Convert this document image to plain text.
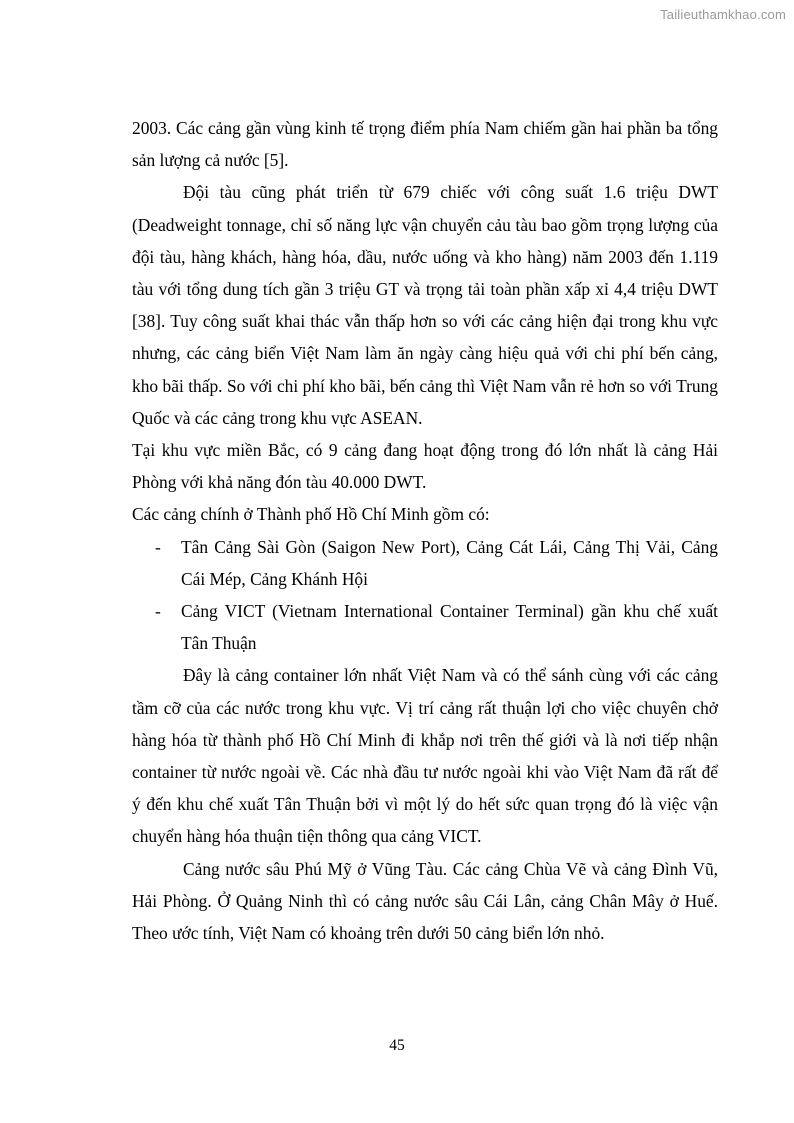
Tailieuthamkhao.com

2003. Các cảng gần vùng kinh tế trọng điểm phía Nam chiếm gần hai phần ba tổng sản lượng cả nước [5].

Đội tàu cũng phát triển từ 679 chiếc với công suất 1.6 triệu DWT (Deadweight tonnage, chỉ số năng lực vận chuyển cảu tàu bao gồm trọng lượng của đội tàu, hàng khách, hàng hóa, dầu, nước uống và kho hàng) năm 2003 đến 1.119 tàu với tổng dung tích gần 3 triệu GT và trọng tải toàn phần xấp xỉ 4,4 triệu DWT [38]. Tuy công suất khai thác vẫn thấp hơn so với các cảng hiện đại trong khu vực nhưng, các cảng biển Việt Nam làm ăn ngày càng hiệu quả với chi phí bến cảng, kho bãi thấp. So với chi phí kho bãi, bến cảng thì Việt Nam vẫn rẻ hơn so với Trung Quốc và các cảng trong khu vực ASEAN.

Tại khu vực miền Bắc, có 9 cảng đang hoạt động trong đó lớn nhất là cảng Hải Phòng với khả năng đón tàu 40.000 DWT.

Các cảng chính ở Thành phố Hồ Chí Minh gồm có:

- Tân Cảng Sài Gòn (Saigon New Port), Cảng Cát Lái, Cảng Thị Vải, Cảng Cái Mép, Cảng Khánh Hội
- Cảng VICT (Vietnam International Container Terminal) gần khu chế xuất Tân Thuận

Đây là cảng container lớn nhất Việt Nam và có thể sánh cùng với các cảng tầm cỡ của các nước trong khu vực. Vị trí cảng rất thuận lợi cho việc chuyên chở hàng hóa từ thành phố Hồ Chí Minh đi khắp nơi trên thế giới và là nơi tiếp nhận container từ nước ngoài về. Các nhà đầu tư nước ngoài khi vào Việt Nam đã rất để ý đến khu chế xuất Tân Thuận bởi vì một lý do hết sức quan trọng đó là việc vận chuyển hàng hóa thuận tiện thông qua cảng VICT.

Cảng nước sâu Phú Mỹ ở Vũng Tàu. Các cảng Chùa Vẽ và cảng Đình Vũ, Hải Phòng. Ở Quảng Ninh thì có cảng nước sâu Cái Lân, cảng Chân Mây ở Huế. Theo ước tính, Việt Nam có khoảng trên dưới 50 cảng biển lớn nhỏ.

45
